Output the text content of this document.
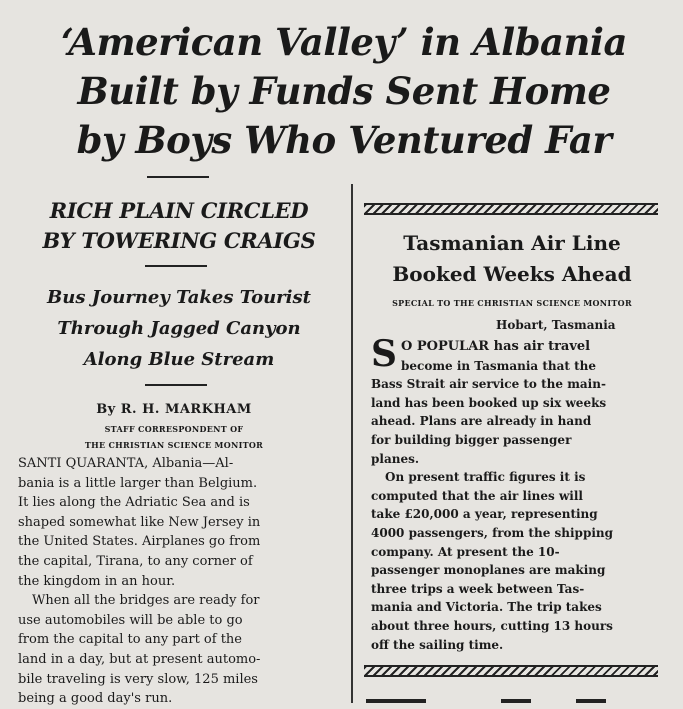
‘American Valley’ in Albania
Built by Funds Sent Home
by Boys Who Ventured Far
RICH PLAIN CIRCLED
BY TOWERING CRAIGS
Bus Journey Takes Tourist
Through Jagged Canyon
Along Blue Stream
By R. H. MARKHAM
STAFF CORRESPONDENT OF
THE CHRISTIAN SCIENCE MONITOR

SANTI QUARANTA, Albania—Al-

bania is a little larger than Belgium.

It lies along the Adriatic Sea and is

shaped somewhat like New Jersey in

the United States. Airplanes go from

the capital, Tirana, to any corner of

the kingdom in an hour.

When all the bridges are ready for

use automobiles will be able to go

from the capital to any part of the

land in a day, but at present automo-

bile traveling is very slow, 125 miles

being a good day's run.

Tasmanian Air Line
Booked Weeks Ahead
SPECIAL TO THE CHRISTIAN SCIENCE MONITOR
Hobart, Tasmania

S O POPULAR has air travel

become in Tasmania that the

Bass Strait air service to the main-

land has been booked up six weeks

ahead. Plans are already in hand

for building bigger passenger

planes.

On present traffic figures it is

computed that the air lines will

take £20,000 a year, representing

4000 passengers, from the shipping

company. At present the 10-

passenger monoplanes are making

three trips a week between Tas-

mania and Victoria. The trip takes

about three hours, cutting 13 hours

off the sailing time.
